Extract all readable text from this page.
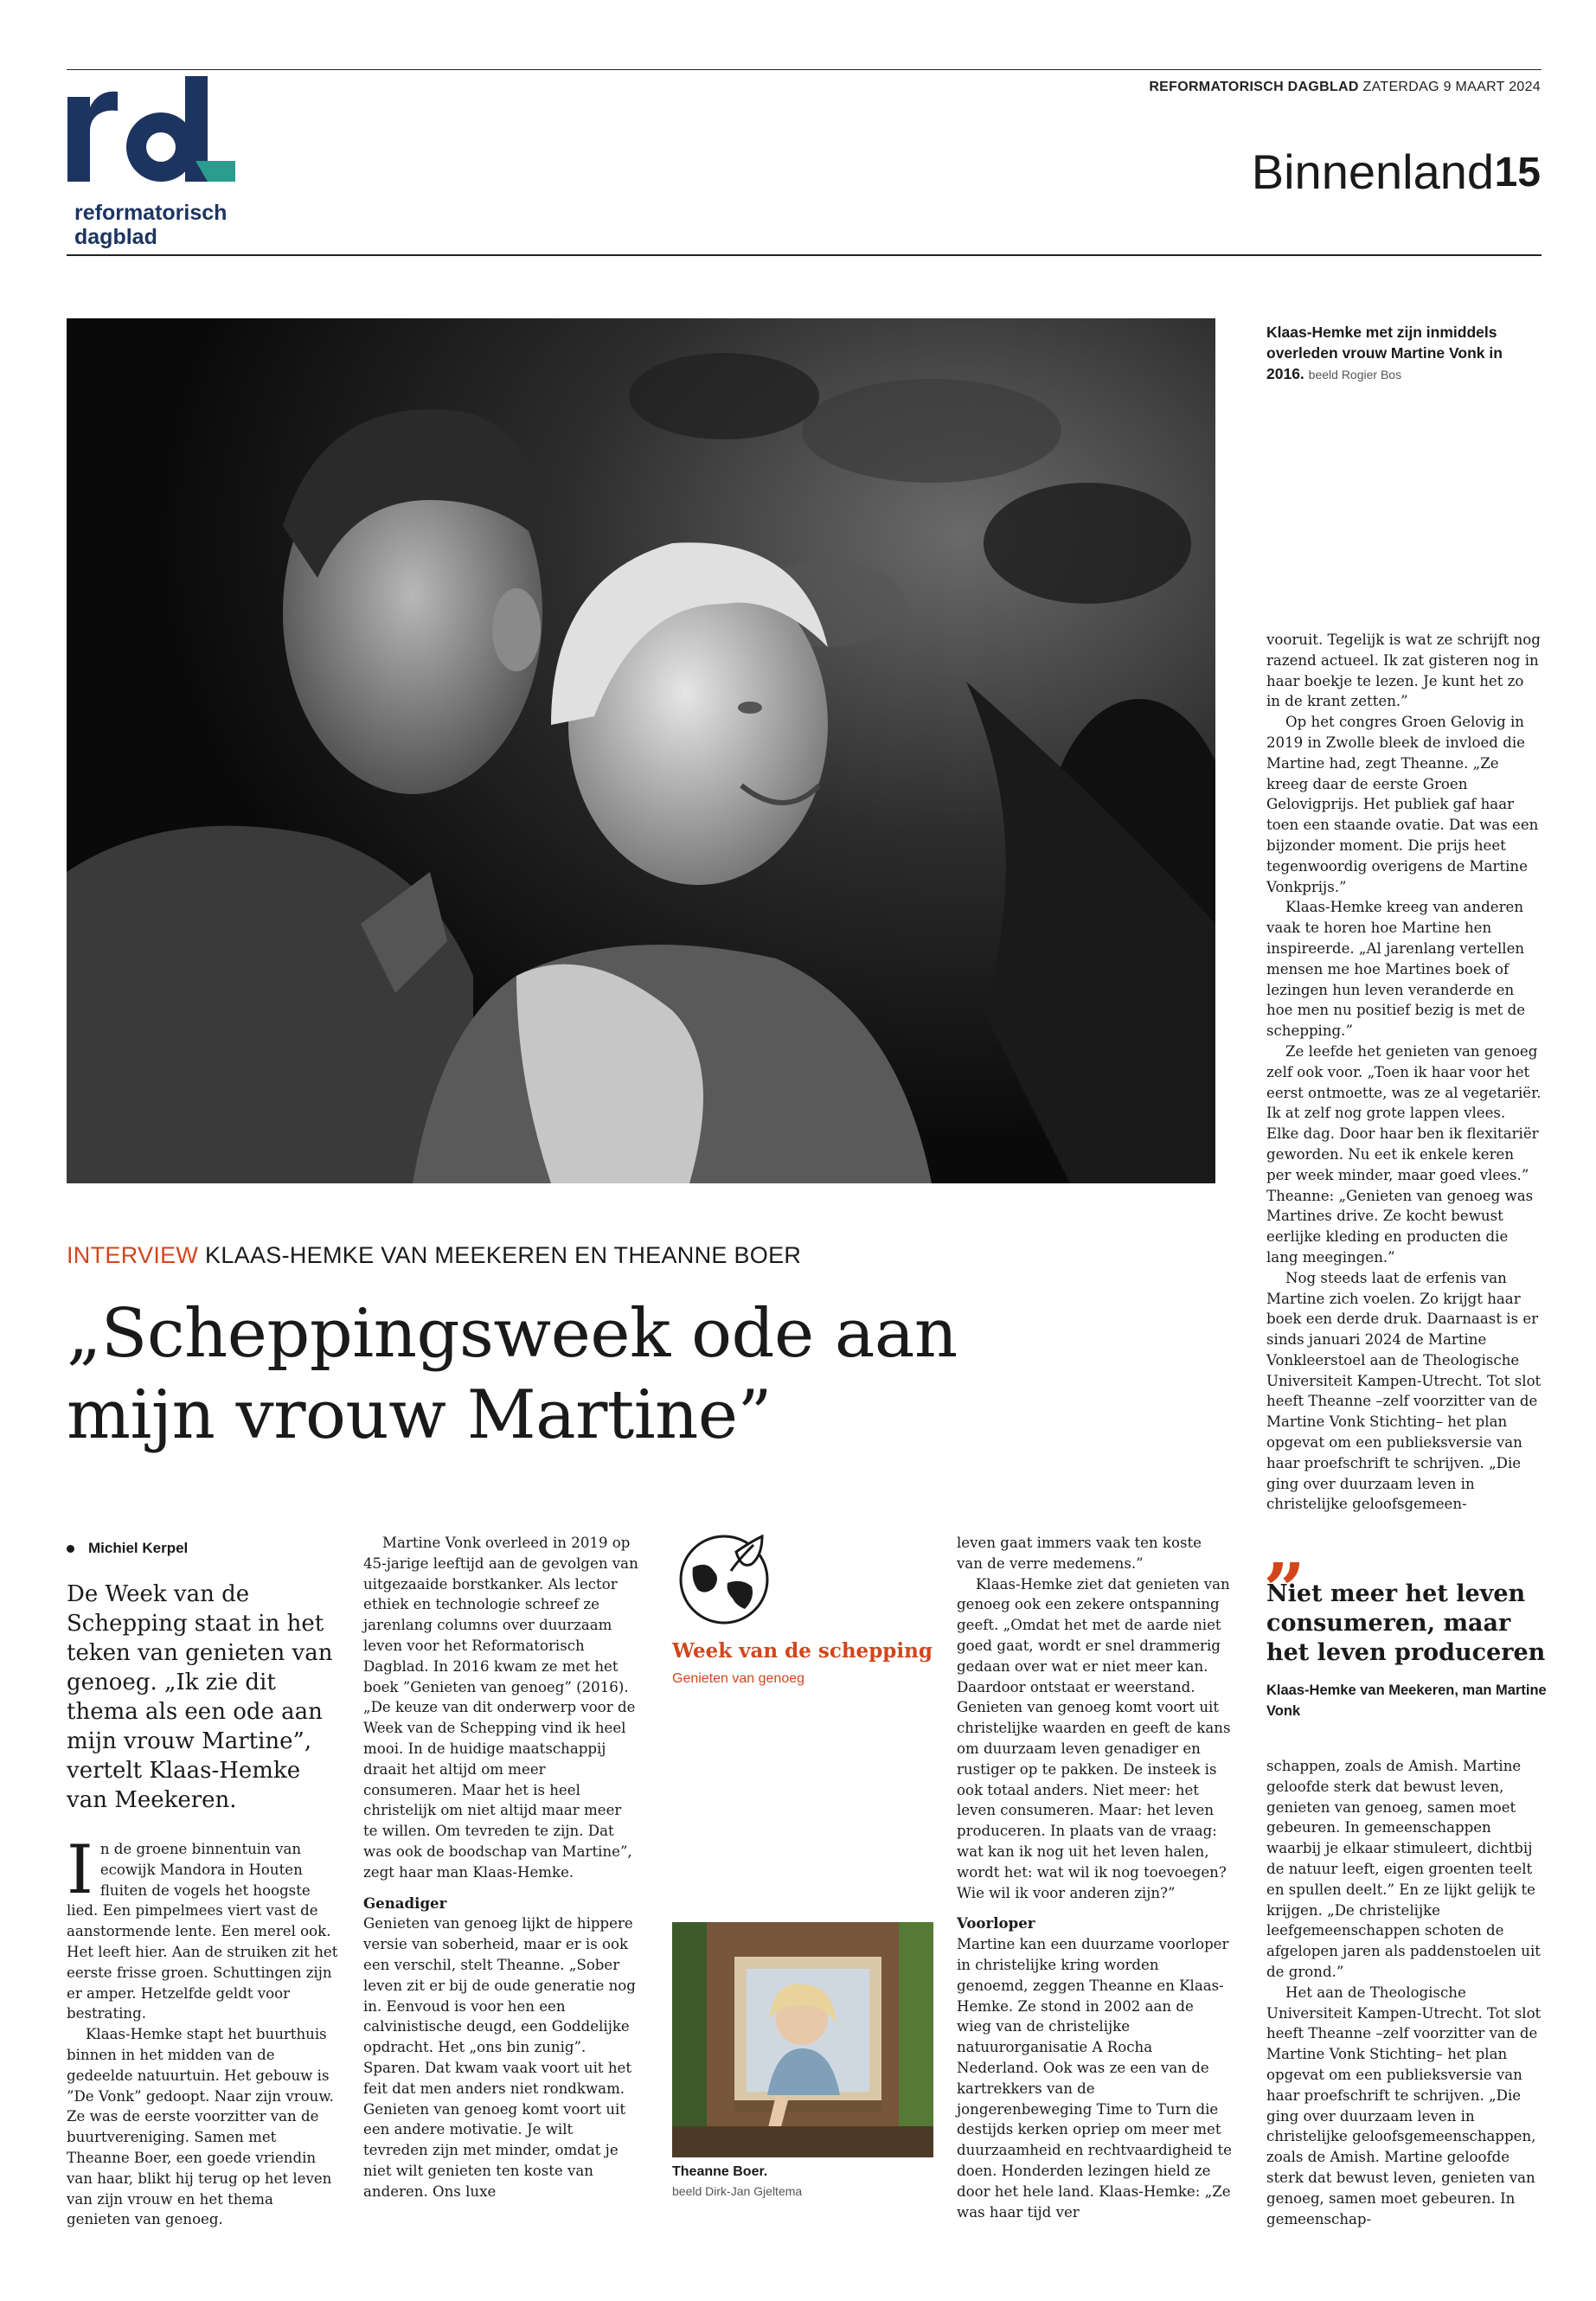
reformatorisch
dagblad
REFORMATORISCH DAGBLAD ZATERDAG 9 MAART 2024
Binnenland 15
Klaas-Hemke met zijn inmiddels overleden vrouw Martine Vonk in 2016. beeld Rogier Bos
INTERVIEW KLAAS-HEMKE VAN MEEKEREN EN THEANNE BOER
„Scheppingsweek ode aan
mijn vrouw Martine”
Michiel Kerpel
De Week van de Schepping staat in het teken van genieten van genoeg. „Ik zie dit thema als een ode aan mijn vrouw Martine”, vertelt Klaas-Hemke van Meekeren.

In de groene binnentuin van ecowijk Mandora in Houten fluiten de vogels het hoogste lied. Een pimpelmees viert vast de aanstormende lente. Een merel ook. Het leeft hier. Aan de struiken zit het eerste frisse groen. Schuttingen zijn er amper. Hetzelfde geldt voor bestrating.

Klaas-Hemke stapt het buurthuis binnen in het midden van de gedeelde natuurtuin. Het gebouw is ”De Vonk” gedoopt. Naar zijn vrouw. Ze was de eerste voorzitter van de buurtvereniging. Samen met Theanne Boer, een goede vriendin van haar, blikt hij terug op het leven van zijn vrouw en het thema genieten van genoeg.

Martine Vonk overleed in 2019 op 45-jarige leeftijd aan de gevolgen van uitgezaaide borstkanker. Als lector ethiek en technologie schreef ze jarenlang columns over duurzaam leven voor het Reformatorisch Dagblad. In 2016 kwam ze met het boek ”Genieten van genoeg” (2016). „De keuze van dit onderwerp voor de Week van de Schepping vind ik heel mooi. In de huidige maatschappij draait het altijd om meer consumeren. Maar het is heel christelijk om niet altijd maar meer te willen. Om tevreden te zijn. Dat was ook de boodschap van Martine”, zegt haar man Klaas-Hemke.

Genadiger

Genieten van genoeg lijkt de hippere versie van soberheid, maar er is ook een verschil, stelt Theanne. „Sober leven zit er bij de oude generatie nog in. Eenvoud is voor hen een calvinistische deugd, een Goddelijke opdracht. Het „ons bin zunig”. Sparen. Dat kwam vaak voort uit het feit dat men anders niet rondkwam. Genieten van genoeg komt voort uit een andere motivatie. Je wilt tevreden zijn met minder, omdat je niet wilt genieten ten koste van anderen. Ons luxe

Week van de schepping
Genieten van genoeg
Theanne Boer.
beeld Dirk-Jan Gjeltema

leven gaat immers vaak ten koste van de verre medemens.”

Klaas-Hemke ziet dat genieten van genoeg ook een zekere ontspanning geeft. „Omdat het met de aarde niet goed gaat, wordt er snel drammerig gedaan over wat er niet meer kan. Daardoor ontstaat er weerstand. Genieten van genoeg komt voort uit christelijke waarden en geeft de kans om duurzaam leven genadiger en rustiger op te pakken. De insteek is ook totaal anders. Niet meer: het leven consumeren. Maar: het leven produceren. In plaats van de vraag: wat kan ik nog uit het leven halen, wordt het: wat wil ik nog toevoegen? Wie wil ik voor anderen zijn?”

Voorloper

Martine kan een duurzame voorloper in christelijke kring worden genoemd, zeggen Theanne en Klaas-Hemke. Ze stond in 2002 aan de wieg van de christelijke natuurorganisatie A Rocha Nederland. Ook was ze een van de kartrekkers van de jongerenbeweging Time to Turn die destijds kerken opriep om meer met duurzaamheid en rechtvaardigheid te doen. Honderden lezingen hield ze door het hele land. Klaas-Hemke: „Ze was haar tijd ver

vooruit. Tegelijk is wat ze schrijft nog razend actueel. Ik zat gisteren nog in haar boekje te lezen. Je kunt het zo in de krant zetten.”

Op het congres Groen Gelovig in 2019 in Zwolle bleek de invloed die Martine had, zegt Theanne. „Ze kreeg daar de eerste Groen Gelovigprijs. Het publiek gaf haar toen een staande ovatie. Dat was een bijzonder moment. Die prijs heet tegenwoordig overigens de Martine Vonkprijs.”

Klaas-Hemke kreeg van anderen vaak te horen hoe Martine hen inspireerde. „Al jarenlang vertellen mensen me hoe Martines boek of lezingen hun leven veranderde en hoe men nu positief bezig is met de schepping.”

Ze leefde het genieten van genoeg zelf ook voor. „Toen ik haar voor het eerst ontmoette, was ze al vegetariër. Ik at zelf nog grote lappen vlees. Elke dag. Door haar ben ik flexitariër geworden. Nu eet ik enkele keren per week minder, maar goed vlees.” Theanne: „Genieten van genoeg was Martines drive. Ze kocht bewust eerlijke kleding en producten die lang meegingen.”

Nog steeds laat de erfenis van Martine zich voelen. Zo krijgt haar boek een derde druk. Daarnaast is er sinds januari 2024 de Martine Vonkleerstoel aan de Theologische Universiteit Kampen-Utrecht. Tot slot heeft Theanne –zelf voorzitter van de Martine Vonk Stichting– het plan opgevat om een publieksversie van haar proefschrift te schrijven. „Die ging over duurzaam leven in christelijke geloofsgemeen-

„
Niet meer het leven consumeren, maar het leven produceren
Klaas-Hemke van Meekeren, man Martine Vonk

schappen, zoals de Amish. Martine geloofde sterk dat bewust leven, genieten van genoeg, samen moet gebeuren. In gemeenschappen waarbij je elkaar stimuleert, dichtbij de natuur leeft, eigen groenten teelt en spullen deelt.” En ze lijkt gelijk te krijgen. „De christelijke leefgemeenschappen schoten de afgelopen jaren als paddenstoelen uit de grond.”

Het aan de Theologische Universiteit Kampen-Utrecht. Tot slot heeft Theanne –zelf voorzitter van de Martine Vonk Stichting– het plan opgevat om een publieksversie van haar proefschrift te schrijven. „Die ging over duurzaam leven in christelijke geloofsgemeenschappen, zoals de Amish. Martine geloofde sterk dat bewust leven, genieten van genoeg, samen moet gebeuren. In gemeenschap-
